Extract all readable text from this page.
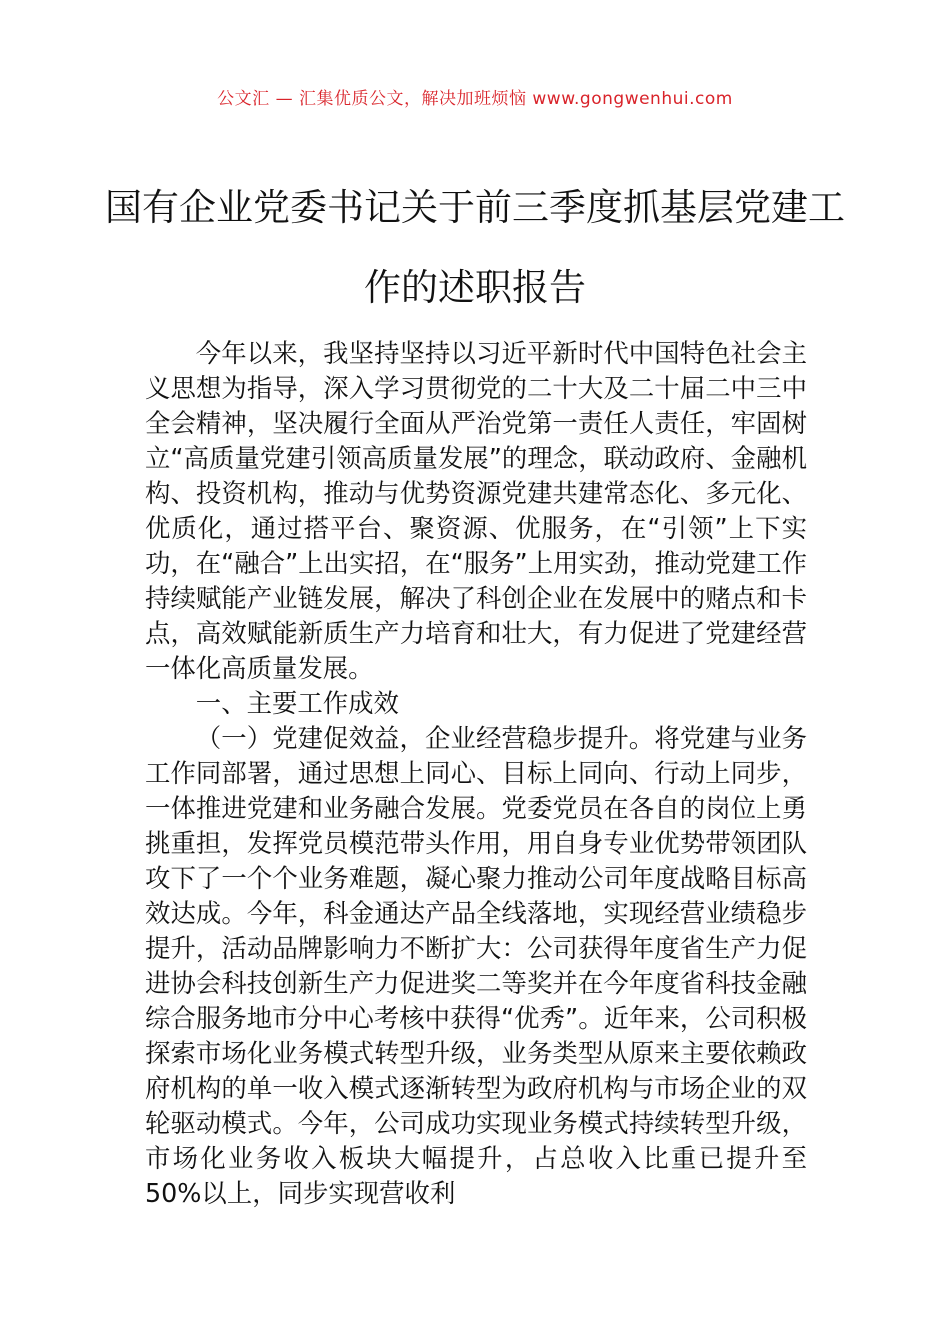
公文汇 — 汇集优质公文，解决加班烦恼 www.gongwenhui.com
国有企业党委书记关于前三季度抓基层党建工作的述职报告

今年以来，我坚持坚持以习近平新时代中国特色社会主义思想为指导，深入学习贯彻党的二十大及二十届二中三中全会精神，坚决履行全面从严治党第一责任人责任，牢固树立“高质量党建引领高质量发展”的理念，联动政府、金融机构、投资机构，推动与优势资源党建共建常态化、多元化、优质化，通过搭平台、聚资源、优服务，在“引领”上下实功，在“融合”上出实招，在“服务”上用实劲，推动党建工作持续赋能产业链发展，解决了科创企业在发展中的赌点和卡点，高效赋能新质生产力培育和壮大，有力促进了党建经营一体化高质量发展。

一、主要工作成效

（一）党建促效益，企业经营稳步提升。将党建与业务工作同部署，通过思想上同心、目标上同向、行动上同步，一体推进党建和业务融合发展。党委党员在各自的岗位上勇挑重担，发挥党员模范带头作用，用自身专业优势带领团队攻下了一个个业务难题，凝心聚力推动公司年度战略目标高效达成。今年，科金通达产品全线落地，实现经营业绩稳步提升，活动品牌影响力不断扩大：公司获得年度省生产力促进协会科技创新生产力促进奖二等奖并在今年度省科技金融综合服务地市分中心考核中获得“优秀”。近年来，公司积极探索市场化业务模式转型升级，业务类型从原来主要依赖政府机构的单一收入模式逐渐转型为政府机构与市场企业的双轮驱动模式。今年，公司成功实现业务模式持续转型升级，市场化业务收入板块大幅提升，占总收入比重已提升至50%以上，同步实现营收利
